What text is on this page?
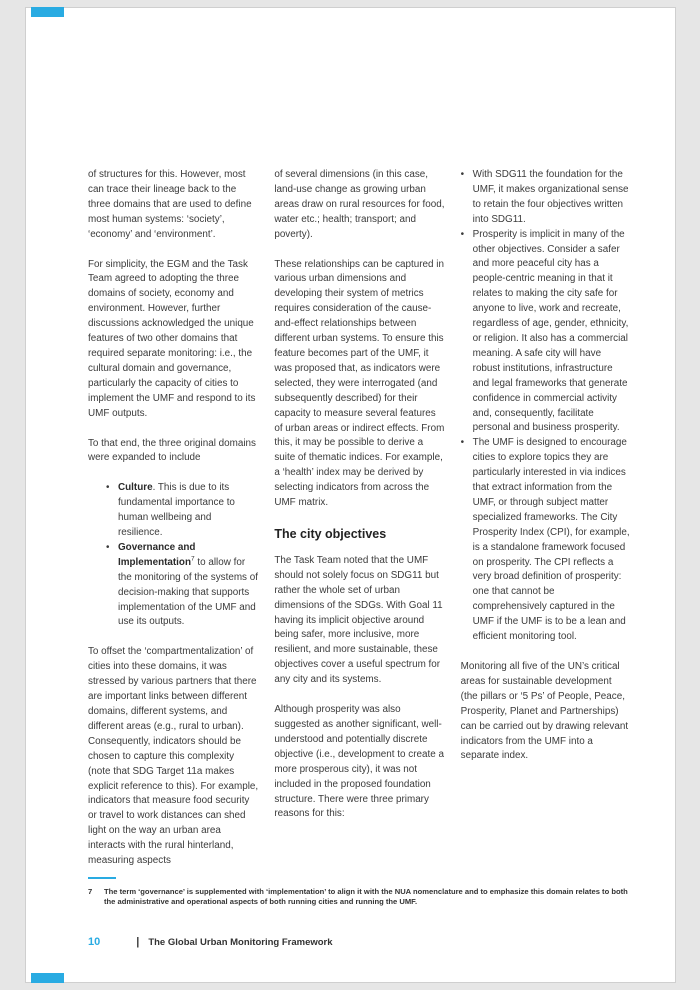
of structures for this. However, most can trace their lineage back to the three domains that are used to define most human systems: ‘society’, ‘economy’ and ‘environment’.

For simplicity, the EGM and the Task Team agreed to adopting the three domains of society, economy and environment. However, further discussions acknowledged the unique features of two other domains that required separate monitoring: i.e., the cultural domain and governance, particularly the capacity of cities to implement the UMF and respond to its UMF outputs.

To that end, the three original domains were expanded to include

• Culture. This is due to its fundamental importance to human wellbeing and resilience.
• Governance and Implementation$^7$ to allow for the monitoring of the systems of decision-making that supports implementation of the UMF and use its outputs.

To offset the ‘compartmentalization’ of cities into these domains, it was stressed by various partners that there are important links between different domains, different systems, and different areas (e.g., rural to urban). Consequently, indicators should be chosen to capture this complexity (note that SDG Target 11a makes explicit reference to this). For example, indicators that measure food security or travel to work distances can shed light on the way an urban area interacts with the rural hinterland, measuring aspects

of several dimensions (in this case, land-use change as growing urban areas draw on rural resources for food, water etc.; health; transport; and poverty).

These relationships can be captured in various urban dimensions and developing their system of metrics requires consideration of the cause-and-effect relationships between different urban systems. To ensure this feature becomes part of the UMF, it was proposed that, as indicators were selected, they were interrogated (and subsequently described) for their capacity to measure several features of urban areas or indirect effects. From this, it may be possible to derive a suite of thematic indices. For example, a ‘health’ index may be derived by selecting indicators from across the UMF matrix.

The city objectives

The Task Team noted that the UMF should not solely focus on SDG11 but rather the whole set of urban dimensions of the SDGs. With Goal 11 having its implicit objective around being safer, more inclusive, more resilient, and more sustainable, these objectives cover a useful spectrum for any city and its systems.

Although prosperity was also suggested as another significant, well-understood and potentially discrete objective (i.e., development to create a more prosperous city), it was not included in the proposed foundation structure. There were three primary reasons for this:

• With SDG11 the foundation for the UMF, it makes organizational sense to retain the four objectives written into SDG11.
• Prosperity is implicit in many of the other objectives. Consider a safer and more peaceful city has a people-centric meaning in that it relates to making the city safe for anyone to live, work and recreate, regardless of age, gender, ethnicity, or religion. It also has a commercial meaning. A safe city will have robust institutions, infrastructure and legal frameworks that generate confidence in commercial activity and, consequently, facilitate personal and business prosperity.
• The UMF is designed to encourage cities to explore topics they are particularly interested in via indices that extract information from the UMF, or through subject matter specialized frameworks. The City Prosperity Index (CPI), for example, is a standalone framework focused on prosperity. The CPI reflects a very broad definition of prosperity: one that cannot be comprehensively captured in the UMF if the UMF is to be a lean and efficient monitoring tool.

Monitoring all five of the UN’s critical areas for sustainable development (the pillars or ‘5 Ps’ of People, Peace, Prosperity, Planet and Partnerships) can be carried out by drawing relevant indicators from the UMF into a separate index.

7	The term ‘governance’ is supplemented with ‘implementation’ to align it with the NUA nomenclature and to emphasize this domain relates to both the administrative and operational aspects of both running cities and running the UMF.
10	| The Global Urban Monitoring Framework
